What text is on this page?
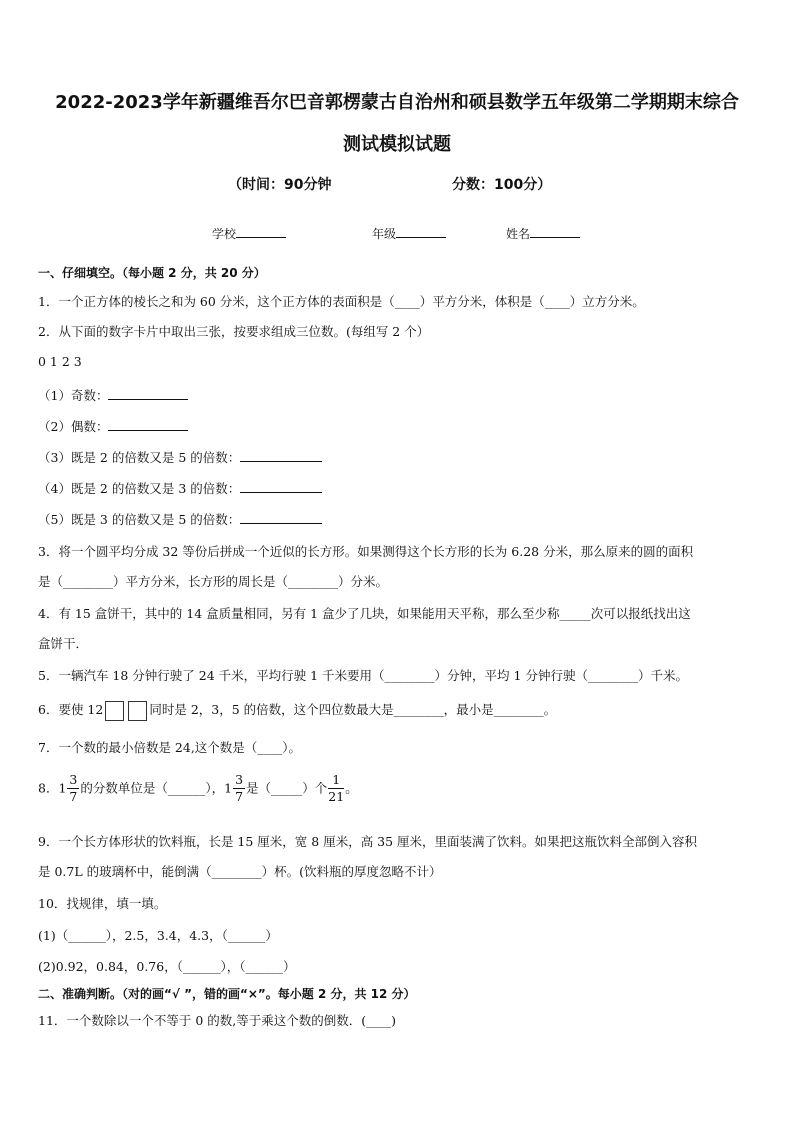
2022-2023学年新疆维吾尔巴音郭楞蒙古自治州和硕县数学五年级第二学期期末综合
测试模拟试题
（时间：90分钟	分数：100分）
学校	年级	姓名
一、仔细填空。（每小题 2 分，共 20 分）
1．一个正方体的棱长之和为 60 分米，这个正方体的表面积是（____）平方分米，体积是（____）立方分米。
2．从下面的数字卡片中取出三张，按要求组成三位数。(每组写 2 个）
0 1 2 3
（1）奇数：
（2）偶数：
（3）既是 2 的倍数又是 5 的倍数：
（4）既是 2 的倍数又是 3 的倍数：
（5）既是 3 的倍数又是 5 的倍数：
3．将一个圆平均分成 32 等份后拼成一个近似的长方形。如果测得这个长方形的长为 6.28 分米，那么原来的圆的面积
是（________）平方分米，长方形的周长是（________）分米。
4．有 15 盒饼干，其中的 14 盒质量相同，另有 1 盒少了几块，如果能用天平称，那么至少称_____次可以报纸找出这
盒饼干．
5．一辆汽车 18 分钟行驶了 24 千米，平均行驶 1 千米要用（________）分钟，平均 1 分钟行驶（________）千米。
6．要使 12	同时是 2，3，5 的倍数，这个四位数最大是________，最小是________。
7．一个数的最小倍数是 24,这个数是（____）。
8．$1 \frac{3}{7}$ 的分数单位是（______），$1 \frac{3}{7}$ 是（_____）个 $\frac{1}{21}$ 。
9．一个长方体形状的饮料瓶，长是 15 厘米，宽 8 厘米，高 35 厘米，里面装满了饮料。如果把这瓶饮料全部倒入容积
是 0.7L 的玻璃杯中，能倒满（________）杯。(饮料瓶的厚度忽略不计）
10．找规律，填一填。
(1)（______），2.5，3.4，4.3，（______）
(2)0.92，0.84，0.76，（______），（______）
二、准确判断。（对的画“√ ”，错的画“×”。每小题 2 分，共 12 分）
11．一个数除以一个不等于 0 的数,等于乘这个数的倒数．(____)
